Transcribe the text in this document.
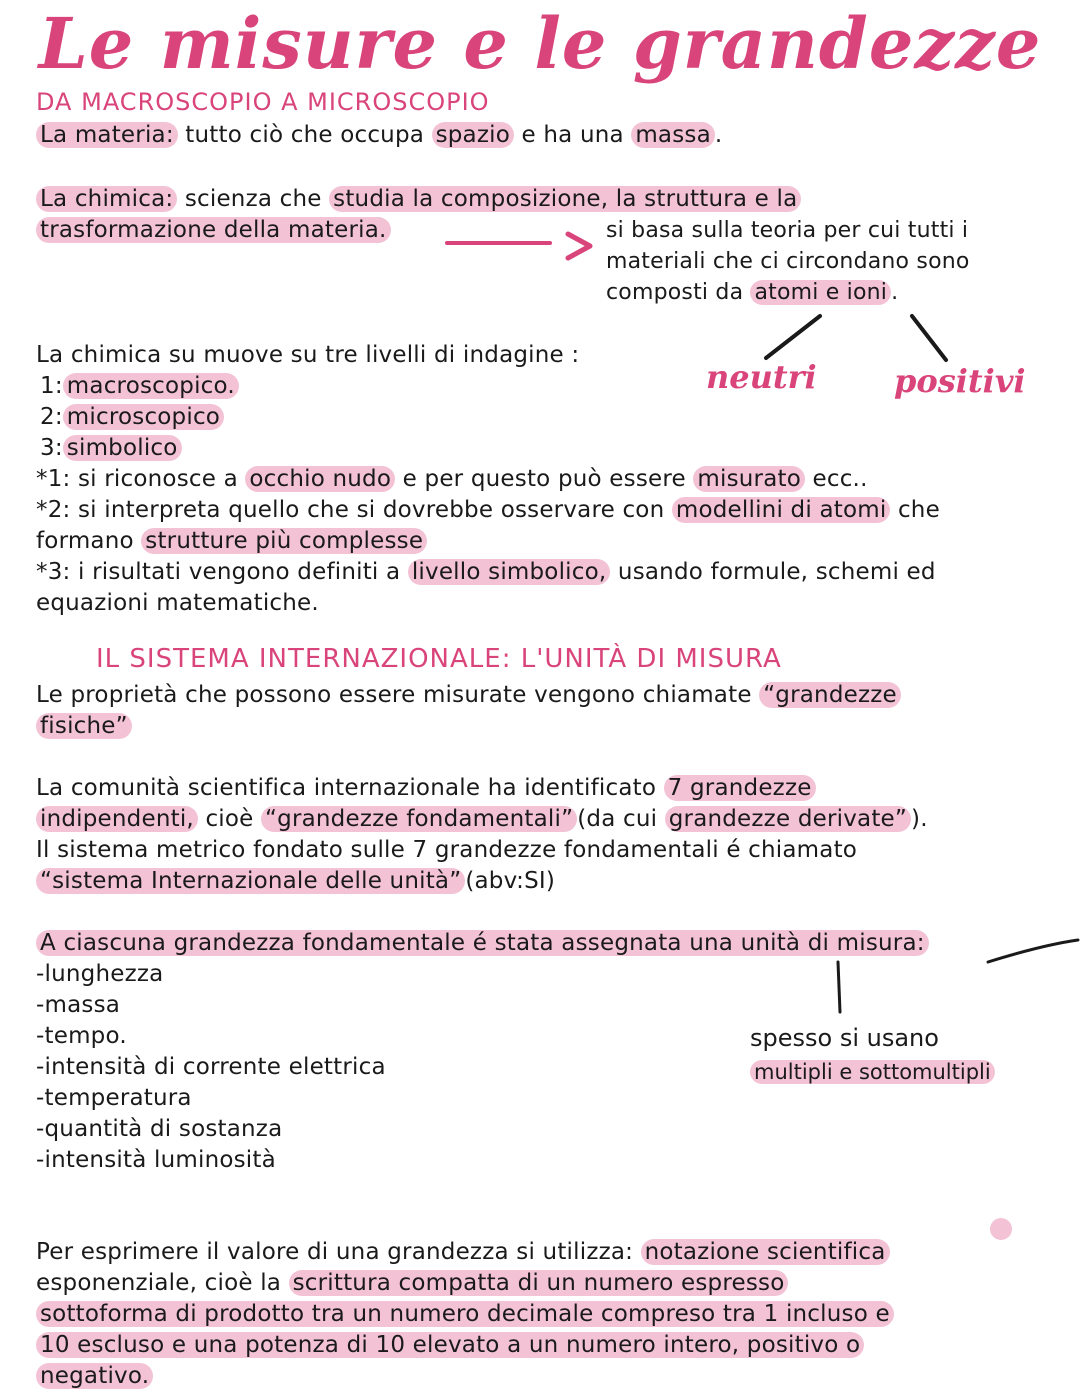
Le misure e le grandezze
DA MACROSCOPIO A MICROSCOPIO
La materia: tutto ciò che occupa spazio e ha una massa .
La chimica: scienza che studia la composizione, la struttura e la
trasformazione della materia.	si basa sulla teoria per cui tutti i
materiali che ci circondano sono
composti da atomi e ioni .
neutri positivi
La chimica su muove su tre livelli di indagine :
1: macroscopico.
2: microscopico
3: simbolico
*1: si riconosce a occhio nudo e per questo può essere misurato ecc..
*2: si interpreta quello che si dovrebbe osservare con modellini di atomi che
formano strutture più complesse
*3: i risultati vengono definiti a livello simbolico, usando formule, schemi ed
equazioni matematiche.
IL SISTEMA INTERNAZIONALE: L'UNITÀ DI MISURA
Le proprietà che possono essere misurate vengono chiamate “grandezze
fisiche”
La comunità scientifica internazionale ha identificato 7 grandezze
indipendenti, cioè “grandezze fondamentali” (da cui grandezze derivate” ).
Il sistema metrico fondato sulle 7 grandezze fondamentali é chiamato
“sistema Internazionale delle unità” (abv:SI)
A ciascuna grandezza fondamentale é stata assegnata una unità di misura:
-lunghezza
-massa
-tempo.
-intensità di corrente elettrica
-temperatura
-quantità di sostanza
-intensità luminosità
spesso si usano
multipli e sottomultipli
Per esprimere il valore di una grandezza si utilizza: notazione scientifica
esponenziale, cioè la scrittura compatta di un numero espresso
sottoforma di prodotto tra un numero decimale compreso tra 1 incluso e
10 escluso e una potenza di 10 elevato a un numero intero, positivo o
negativo.
